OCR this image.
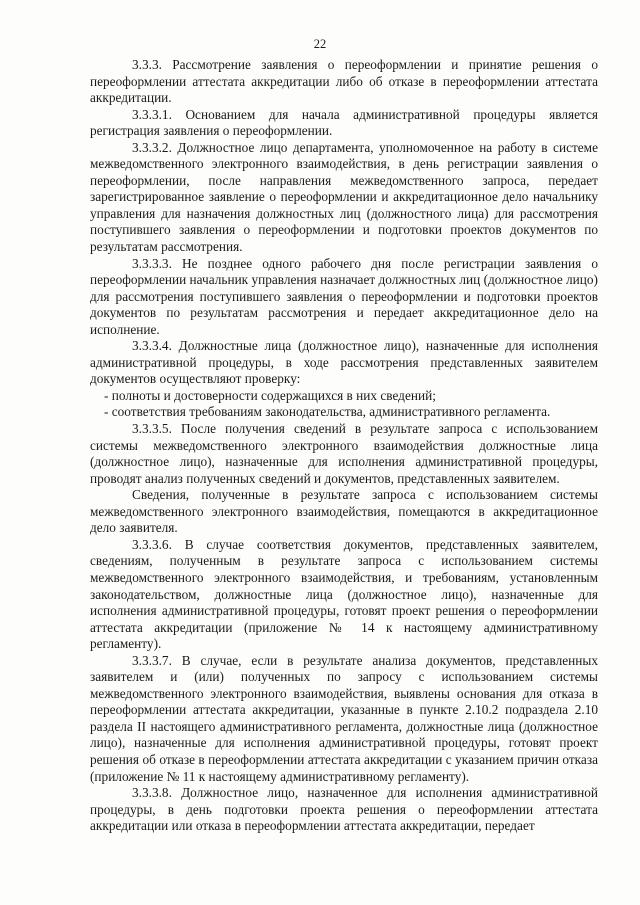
22

3.3.3. Рассмотрение заявления о переоформлении и принятие решения о переоформлении аттестата аккредитации либо об отказе в переоформлении аттестата аккредитации.

3.3.3.1. Основанием для начала административной процедуры является регистрация заявления о переоформлении.

3.3.3.2. Должностное лицо департамента, уполномоченное на работу в системе межведомственного электронного взаимодействия, в день регистрации заявления о переоформлении, после направления межведомственного запроса, передает зарегистрированное заявление о переоформлении и аккредитационное дело начальнику управления для назначения должностных лиц (должностного лица) для рассмотрения поступившего заявления о переоформлении и подготовки проектов документов по результатам рассмотрения.

3.3.3.3. Не позднее одного рабочего дня после регистрации заявления о переоформлении начальник управления назначает должностных лиц (должностное лицо) для рассмотрения поступившего заявления о переоформлении и подготовки проектов документов по результатам рассмотрения и передает аккредитационное дело на исполнение.

3.3.3.4. Должностные лица (должностное лицо), назначенные для исполнения административной процедуры, в ходе рассмотрения представленных заявителем документов осуществляют проверку:

- полноты и достоверности содержащихся в них сведений;

- соответствия требованиям законодательства, административного регламента.

3.3.3.5. После получения сведений в результате запроса с использованием системы межведомственного электронного взаимодействия должностные лица (должностное лицо), назначенные для исполнения административной процедуры, проводят анализ полученных сведений и документов, представленных заявителем.

Сведения, полученные в результате запроса с использованием системы межведомственного электронного взаимодействия, помещаются в аккредитационное дело заявителя.

3.3.3.6. В случае соответствия документов, представленных заявителем, сведениям, полученным в результате запроса с использованием системы межведомственного электронного взаимодействия, и требованиям, установленным законодательством, должностные лица (должностное лицо), назначенные для исполнения административной процедуры, готовят проект решения о переоформлении аттестата аккредитации (приложение № 14 к настоящему административному регламенту).

3.3.3.7. В случае, если в результате анализа документов, представленных заявителем и (или) полученных по запросу с использованием системы межведомственного электронного взаимодействия, выявлены основания для отказа в переоформлении аттестата аккредитации, указанные в пункте 2.10.2 подраздела 2.10 раздела II настоящего административного регламента, должностные лица (должностное лицо), назначенные для исполнения административной процедуры, готовят проект решения об отказе в переоформлении аттестата аккредитации с указанием причин отказа (приложение № 11 к настоящему административному регламенту).

3.3.3.8. Должностное лицо, назначенное для исполнения административной процедуры, в день подготовки проекта решения о переоформлении аттестата аккредитации или отказа в переоформлении аттестата аккредитации, передает
